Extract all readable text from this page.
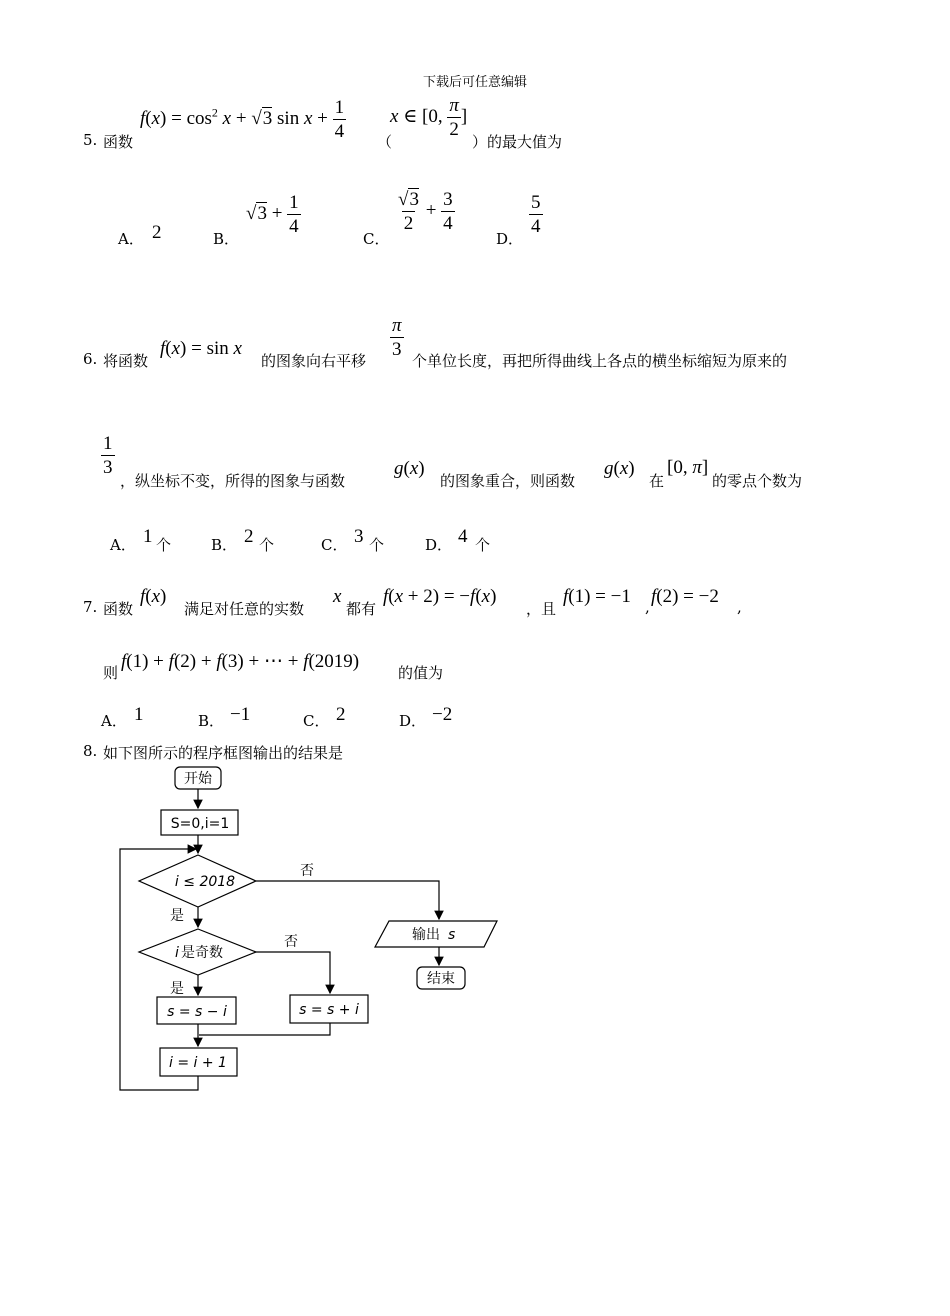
下载后可任意编辑
5. 函数
$f(x) = \cos^2 x + √3$ $\sin x + \frac{1}{4}$
（
x ∈ [0, $\frac{\pi}{2}$ ]
）的最大值为
A． 2	B．
$√3 + \frac{1}{4}$
C．
$\frac{√3}{2} + \frac{3}{4}$
D．
$\frac{5}{4}$
6. 将函数
f(x) = sin x
的图象向右平移
$\frac{\pi}{3}$
个单位长度，再把所得曲线上各点的横坐标缩短为原来的
$\frac{1}{3}$
，纵坐标不变，所得的图象与函数
g(x)
的图象重合，则函数
g(x)
在
[0, π]
的零点个数为
A． 1 个	B． 2 个	C． 3 个	D． 4 个
7. 函数
f(x)
满足对任意的实数
x
都有
f(x + 2) = −f(x)
，且
f(1) = −1 , f(2) = −2 ,
则
f(1) + f(2) + f(3) + ⋯ + f(2019)
的值为
A． 1	B． −1	C． 2	D． −2
8. 如下图所示的程序框图输出的结果是
开始
S=0,i=1
i ≤ 2018
否
是
i 是奇数
否
是
s = s − i	s = s + i
i = i + 1
输出 s
结束
